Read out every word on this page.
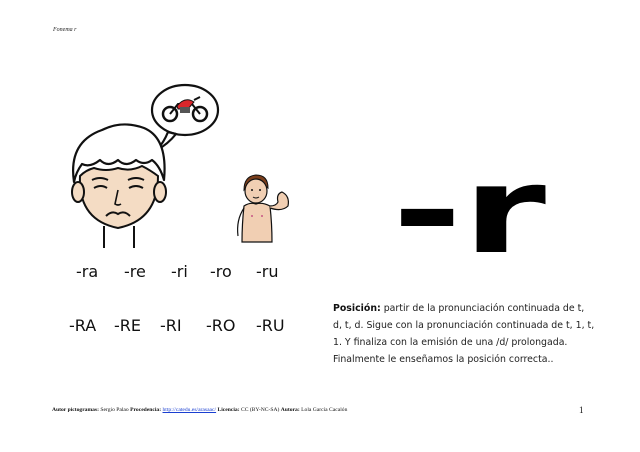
Fonema r
-ra -re -ri -ro -ru
-RA -RE -RI -RO -RU
-r
Posición: partir de la pronunciación continuada de t, d, t, d. Sigue con la pronunciación continuada de t, 1, t, 1. Y finaliza con la emisión de una /d/ prolongada. Finalmente le enseñamos la posición correcta..
Autor pictogramas: Sergio Palao Procedencia: http://catedu.es/arasaac/ Licencia: CC (BY-NC-SA) Autora: Lola García Cacalón	1
